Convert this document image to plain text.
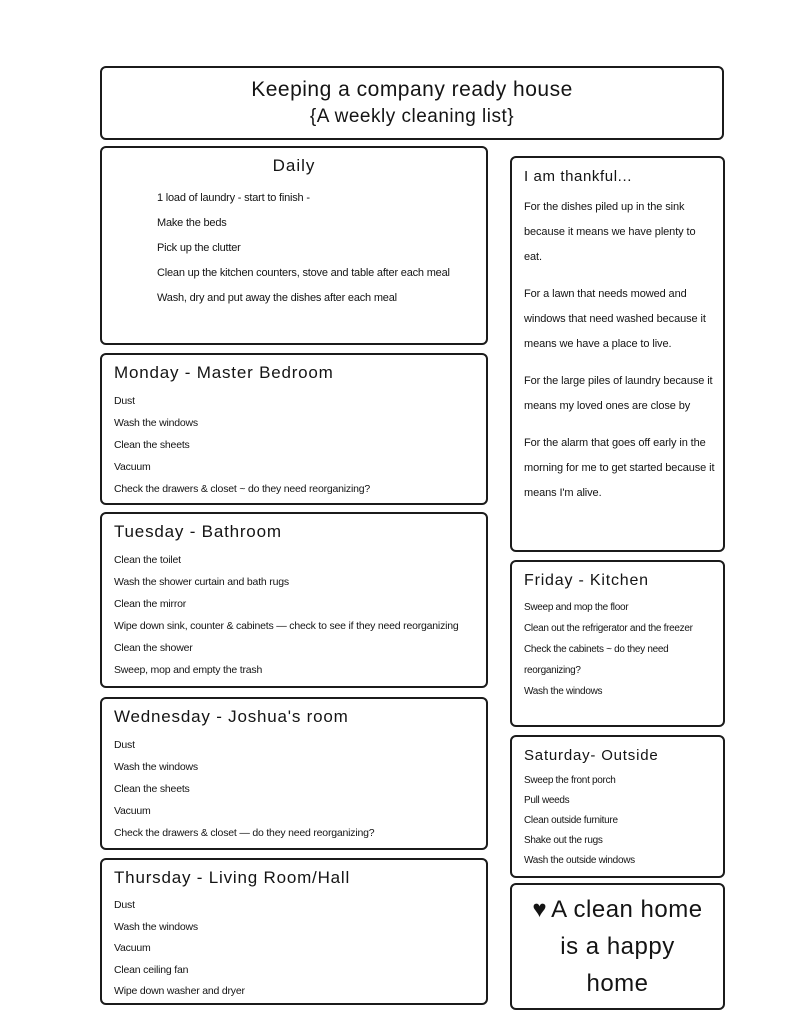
Keeping a company ready house
{A weekly cleaning list}
Daily
1 load of laundry - start to finish -
Make the beds
Pick up the clutter
Clean up the kitchen counters, stove and table after each meal
Wash, dry and put away the dishes after each meal
Monday - Master Bedroom
Dust
Wash the windows
Clean the sheets
Vacuum
Check the drawers & closet ~ do they need reorganizing?
Tuesday - Bathroom
Clean the toilet
Wash the shower curtain and bath rugs
Clean the mirror
Wipe down sink, counter & cabinets — check to see if they need reorganizing
Clean the shower
Sweep, mop and empty the trash
Wednesday - Joshua's room
Dust
Wash the windows
Clean the sheets
Vacuum
Check the drawers & closet — do they need reorganizing?
Thursday - Living Room/Hall
Dust
Wash the windows
Vacuum
Clean ceiling fan
Wipe down washer and dryer
I am thankful...

For the dishes piled up in the sink because it means we have plenty to eat.

For a lawn that needs mowed and windows that need washed because it means we have a place to live.

For the large piles of laundry because it means my loved ones are close by

For the alarm that goes off early in the morning for me to get started because it means I'm alive.

Friday - Kitchen
Sweep and mop the floor
Clean out the refrigerator and the freezer
Check the cabinets ~ do they need reorganizing?
Wash the windows
Saturday- Outside
Sweep the front porch
Pull weeds
Clean outside furniture
Shake out the rugs
Wash the outside windows
♥ A clean home is a happy home
